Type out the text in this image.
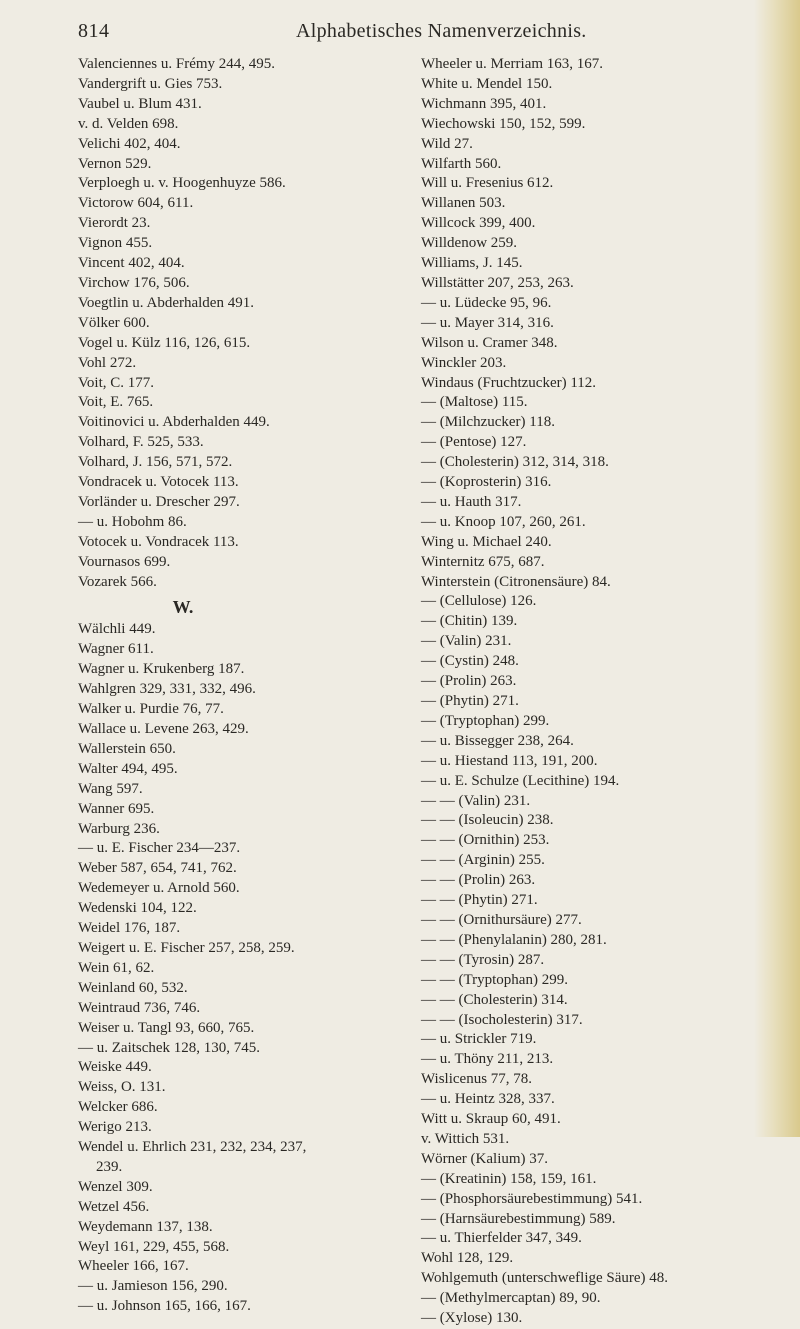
814	Alphabetisches Namenverzeichnis.
Valenciennes u. Frémy 244, 495.
Vandergrift u. Gies 753.
Vaubel u. Blum 431.
v. d. Velden 698.
Velichi 402, 404.
Vernon 529.
Verploegh u. v. Hoogenhuyze 586.
Victorow 604, 611.
Vierordt 23.
Vignon 455.
Vincent 402, 404.
Virchow 176, 506.
Voegtlin u. Abderhalden 491.
Völker 600.
Vogel u. Külz 116, 126, 615.
Vohl 272.
Voit, C. 177.
Voit, E. 765.
Voitinovici u. Abderhalden 449.
Volhard, F. 525, 533.
Volhard, J. 156, 571, 572.
Vondracek u. Votocek 113.
Vorländer u. Drescher 297.
— u. Hobohm 86.
Votocek u. Vondracek 113.
Vournasos 699.
Vozarek 566.
W.
Wälchli 449.
Wagner 611.
Wagner u. Krukenberg 187.
Wahlgren 329, 331, 332, 496.
Walker u. Purdie 76, 77.
Wallace u. Levene 263, 429.
Wallerstein 650.
Walter 494, 495.
Wang 597.
Wanner 695.
Warburg 236.
— u. E. Fischer 234—237.
Weber 587, 654, 741, 762.
Wedemeyer u. Arnold 560.
Wedenski 104, 122.
Weidel 176, 187.
Weigert u. E. Fischer 257, 258, 259.
Wein 61, 62.
Weinland 60, 532.
Weintraud 736, 746.
Weiser u. Tangl 93, 660, 765.
— u. Zaitschek 128, 130, 745.
Weiske 449.
Weiss, O. 131.
Welcker 686.
Werigo 213.
Wendel u. Ehrlich 231, 232, 234, 237,
239.
Wenzel 309.
Wetzel 456.
Weydemann 137, 138.
Weyl 161, 229, 455, 568.
Wheeler 166, 167.
— u. Jamieson 156, 290.
— u. Johnson 165, 166, 167.
Wheeler u. Merriam 163, 167.
White u. Mendel 150.
Wichmann 395, 401.
Wiechowski 150, 152, 599.
Wild 27.
Wilfarth 560.
Will u. Fresenius 612.
Willanen 503.
Willcock 399, 400.
Willdenow 259.
Williams, J. 145.
Willstätter 207, 253, 263.
— u. Lüdecke 95, 96.
— u. Mayer 314, 316.
Wilson u. Cramer 348.
Winckler 203.
Windaus (Fruchtzucker) 112.
— (Maltose) 115.
— (Milchzucker) 118.
— (Pentose) 127.
— (Cholesterin) 312, 314, 318.
— (Koprosterin) 316.
— u. Hauth 317.
— u. Knoop 107, 260, 261.
Wing u. Michael 240.
Winternitz 675, 687.
Winterstein (Citronensäure) 84.
— (Cellulose) 126.
— (Chitin) 139.
— (Valin) 231.
— (Cystin) 248.
— (Prolin) 263.
— (Phytin) 271.
— (Tryptophan) 299.
— u. Bissegger 238, 264.
— u. Hiestand 113, 191, 200.
— u. E. Schulze (Lecithine) 194.
— — (Valin) 231.
— — (Isoleucin) 238.
— — (Ornithin) 253.
— — (Arginin) 255.
— — (Prolin) 263.
— — (Phytin) 271.
— — (Ornithursäure) 277.
— — (Phenylalanin) 280, 281.
— — (Tyrosin) 287.
— — (Tryptophan) 299.
— — (Cholesterin) 314.
— — (Isocholesterin) 317.
— u. Strickler 719.
— u. Thöny 211, 213.
Wislicenus 77, 78.
— u. Heintz 328, 337.
Witt u. Skraup 60, 491.
v. Wittich 531.
Wörner (Kalium) 37.
— (Kreatinin) 158, 159, 161.
— (Phosphorsäurebestimmung) 541.
— (Harnsäurebestimmung) 589.
— u. Thierfelder 347, 349.
Wohl 128, 129.
Wohlgemuth (unterschweflige Säure) 48.
— (Methylmercaptan) 89, 90.
— (Xylose) 130.
